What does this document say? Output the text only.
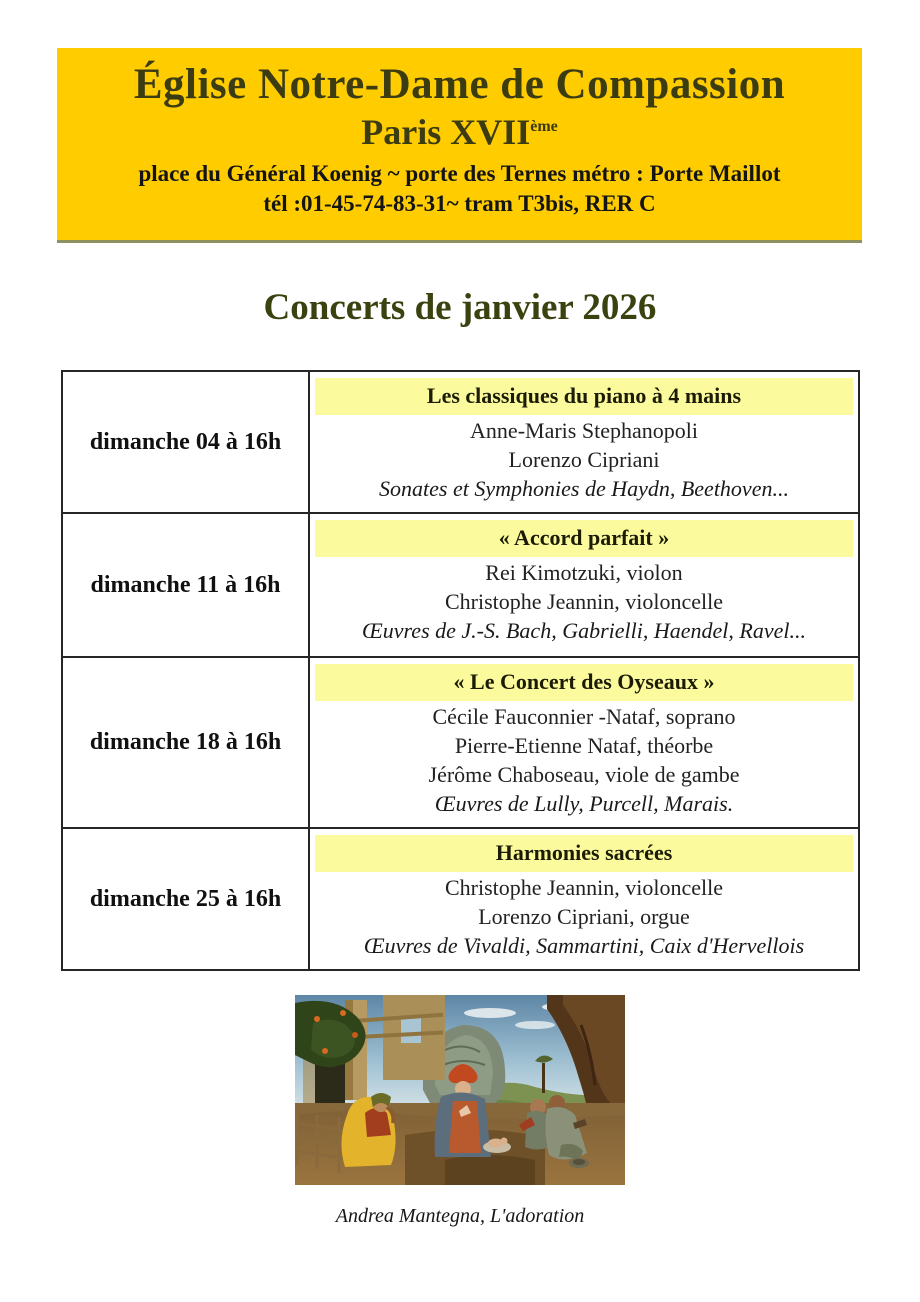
Église Notre-Dame de Compassion
Paris XVIIème
place du Général Koenig ~ porte des Ternes métro : Porte Maillot
tél :01-45-74-83-31~ tram T3bis, RER C
Concerts de janvier 2026
dimanche 04 à 16h
Les classiques du piano à 4 mains
Anne-Maris Stephanopoli
Lorenzo Cipriani
Sonates et Symphonies de Haydn, Beethoven...
dimanche 11 à 16h
« Accord parfait »
Rei Kimotzuki, violon
Christophe Jeannin, violoncelle
Œuvres de J.-S. Bach, Gabrielli, Haendel, Ravel...
dimanche 18 à 16h
« Le Concert des Oyseaux »
Cécile Fauconnier -Nataf, soprano
Pierre-Etienne Nataf, théorbe
Jérôme Chaboseau, viole de gambe
Œuvres de Lully, Purcell, Marais.
dimanche 25 à 16h
Harmonies sacrées
Christophe Jeannin, violoncelle
Lorenzo Cipriani, orgue
Œuvres de Vivaldi, Sammartini, Caix d'Hervellois
Andrea Mantegna, L'adoration
